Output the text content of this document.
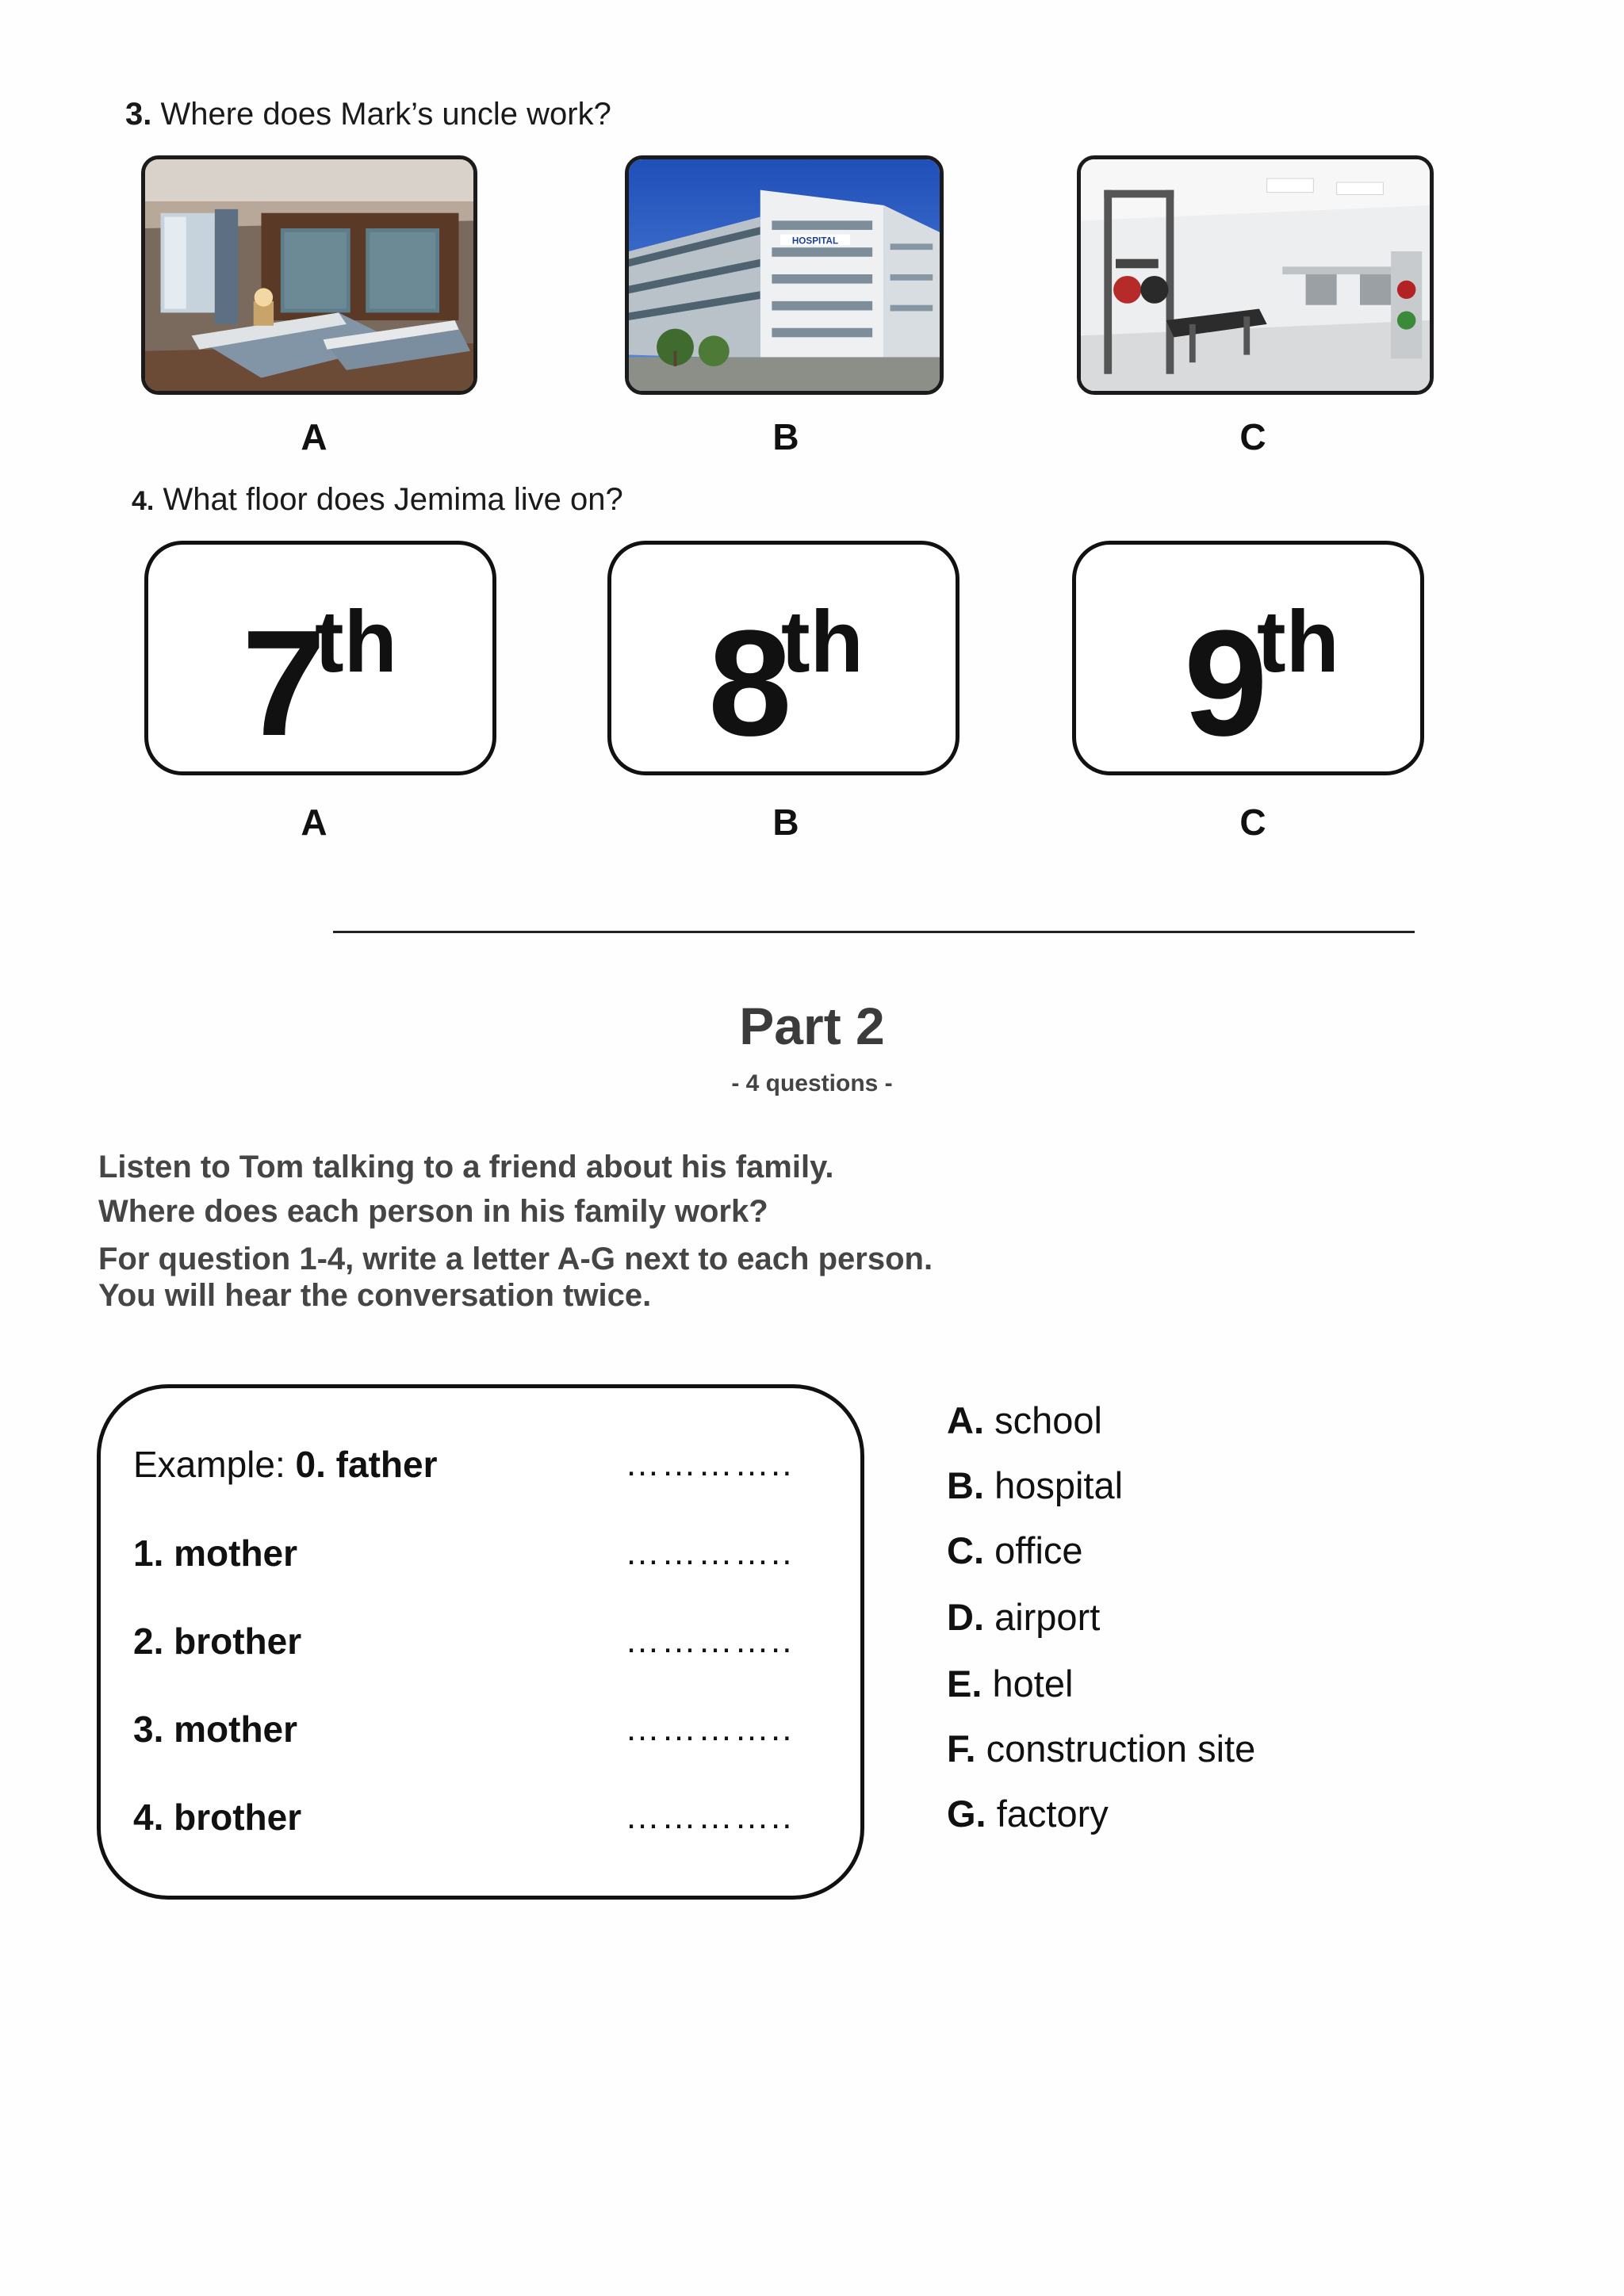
3. Where does Mark’s uncle work?
HOSPITAL
A	B	C
4. What floor does Jemima live on?
7
th 8
th 9
th
A	B	C
Part 2
- 4 questions -
Listen to Tom talking to a friend about his family.
Where does each person in his family work?
For question 1-4, write a letter A-G next to each person.
You will hear the conversation twice.
Example: 0. father	…………..
1. mother	…………..
2. brother	…………..
3. mother	…………..
4. brother	…………..
A. school
B. hospital
C. office
D. airport
E. hotel
F. construction site
G. factory
